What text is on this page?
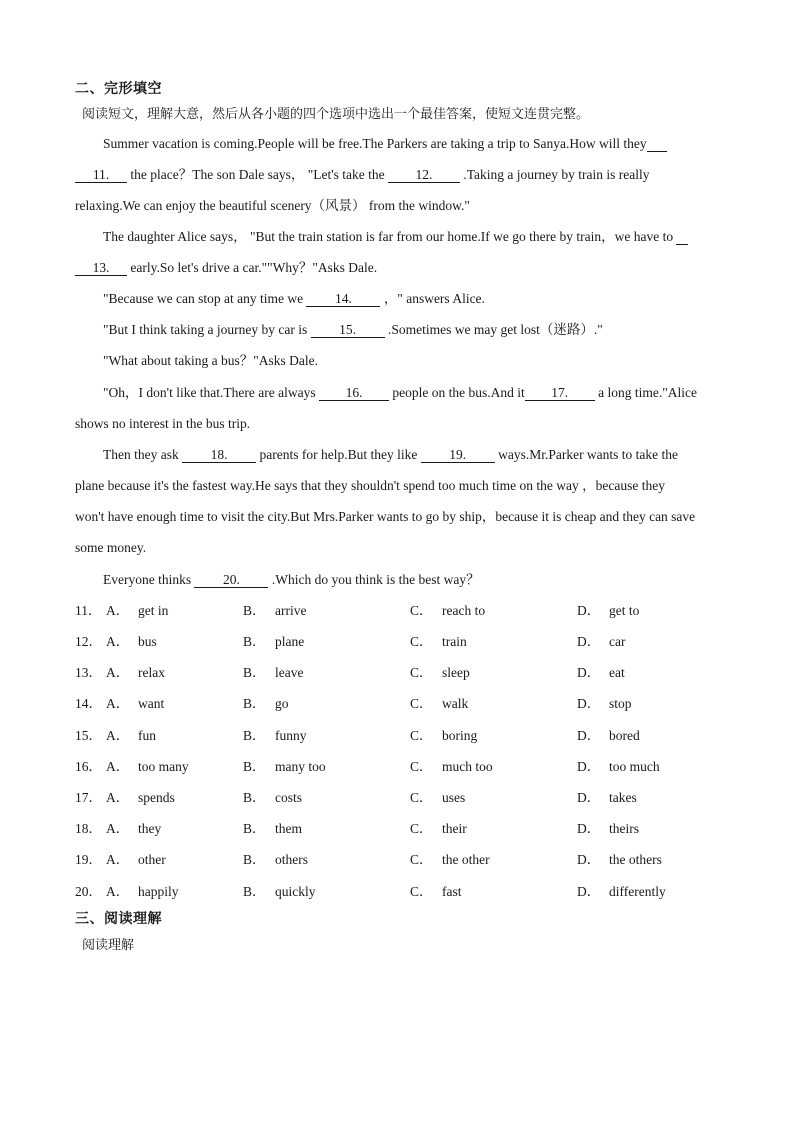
二、完形填空
阅读短文，理解大意，然后从各小题的四个选项中选出一个最佳答案，使短文连贯完整。
Summer vacation is coming.People will be free.The Parkers are taking a trip to Sanya.How will they
11. the place？The son Dale says， "Let's take the 12. .Taking a journey by train is really
relaxing.We can enjoy the beautiful scenery（风景） from the window."
The daughter Alice says， "But the train station is far from our home.If we go there by train，we have to
13. early.So let's drive a car.""Why？"Asks Dale.
"Because we can stop at any time we 14. ，" answers Alice.
"But I think taking a journey by car is 15. .Sometimes we may get lost（迷路）."
"What about taking a bus？"Asks Dale.
"Oh，I don't like that.There are always 16. people on the bus.And it 17. a long time."Alice
shows no interest in the bus trip.
Then they ask 18. parents for help.But they like 19. ways.Mr.Parker wants to take the
plane because it's the fastest way.He says that they shouldn't spend too much time on the way ，because they
won't have enough time to visit the city.But Mrs.Parker wants to go by ship，because it is cheap and they can save
some money.
Everyone thinks 20. .Which do you think is the best way？
11． A． get in	B． arrive	C． reach to	D． get to
12． A． bus	B． plane	C． train	D． car
13． A． relax	B． leave	C． sleep	D． eat
14． A． want	B． go	C． walk	D． stop
15． A． fun	B． funny	C． boring	D． bored
16． A． too many	B． many too	C． much too	D． too much
17． A． spends	B． costs	C． uses	D． takes
18． A． they	B． them	C． their	D． theirs
19． A． other	B． others	C． the other	D． the others
20． A． happily	B． quickly	C． fast	D． differently
三、阅读理解
阅读理解
